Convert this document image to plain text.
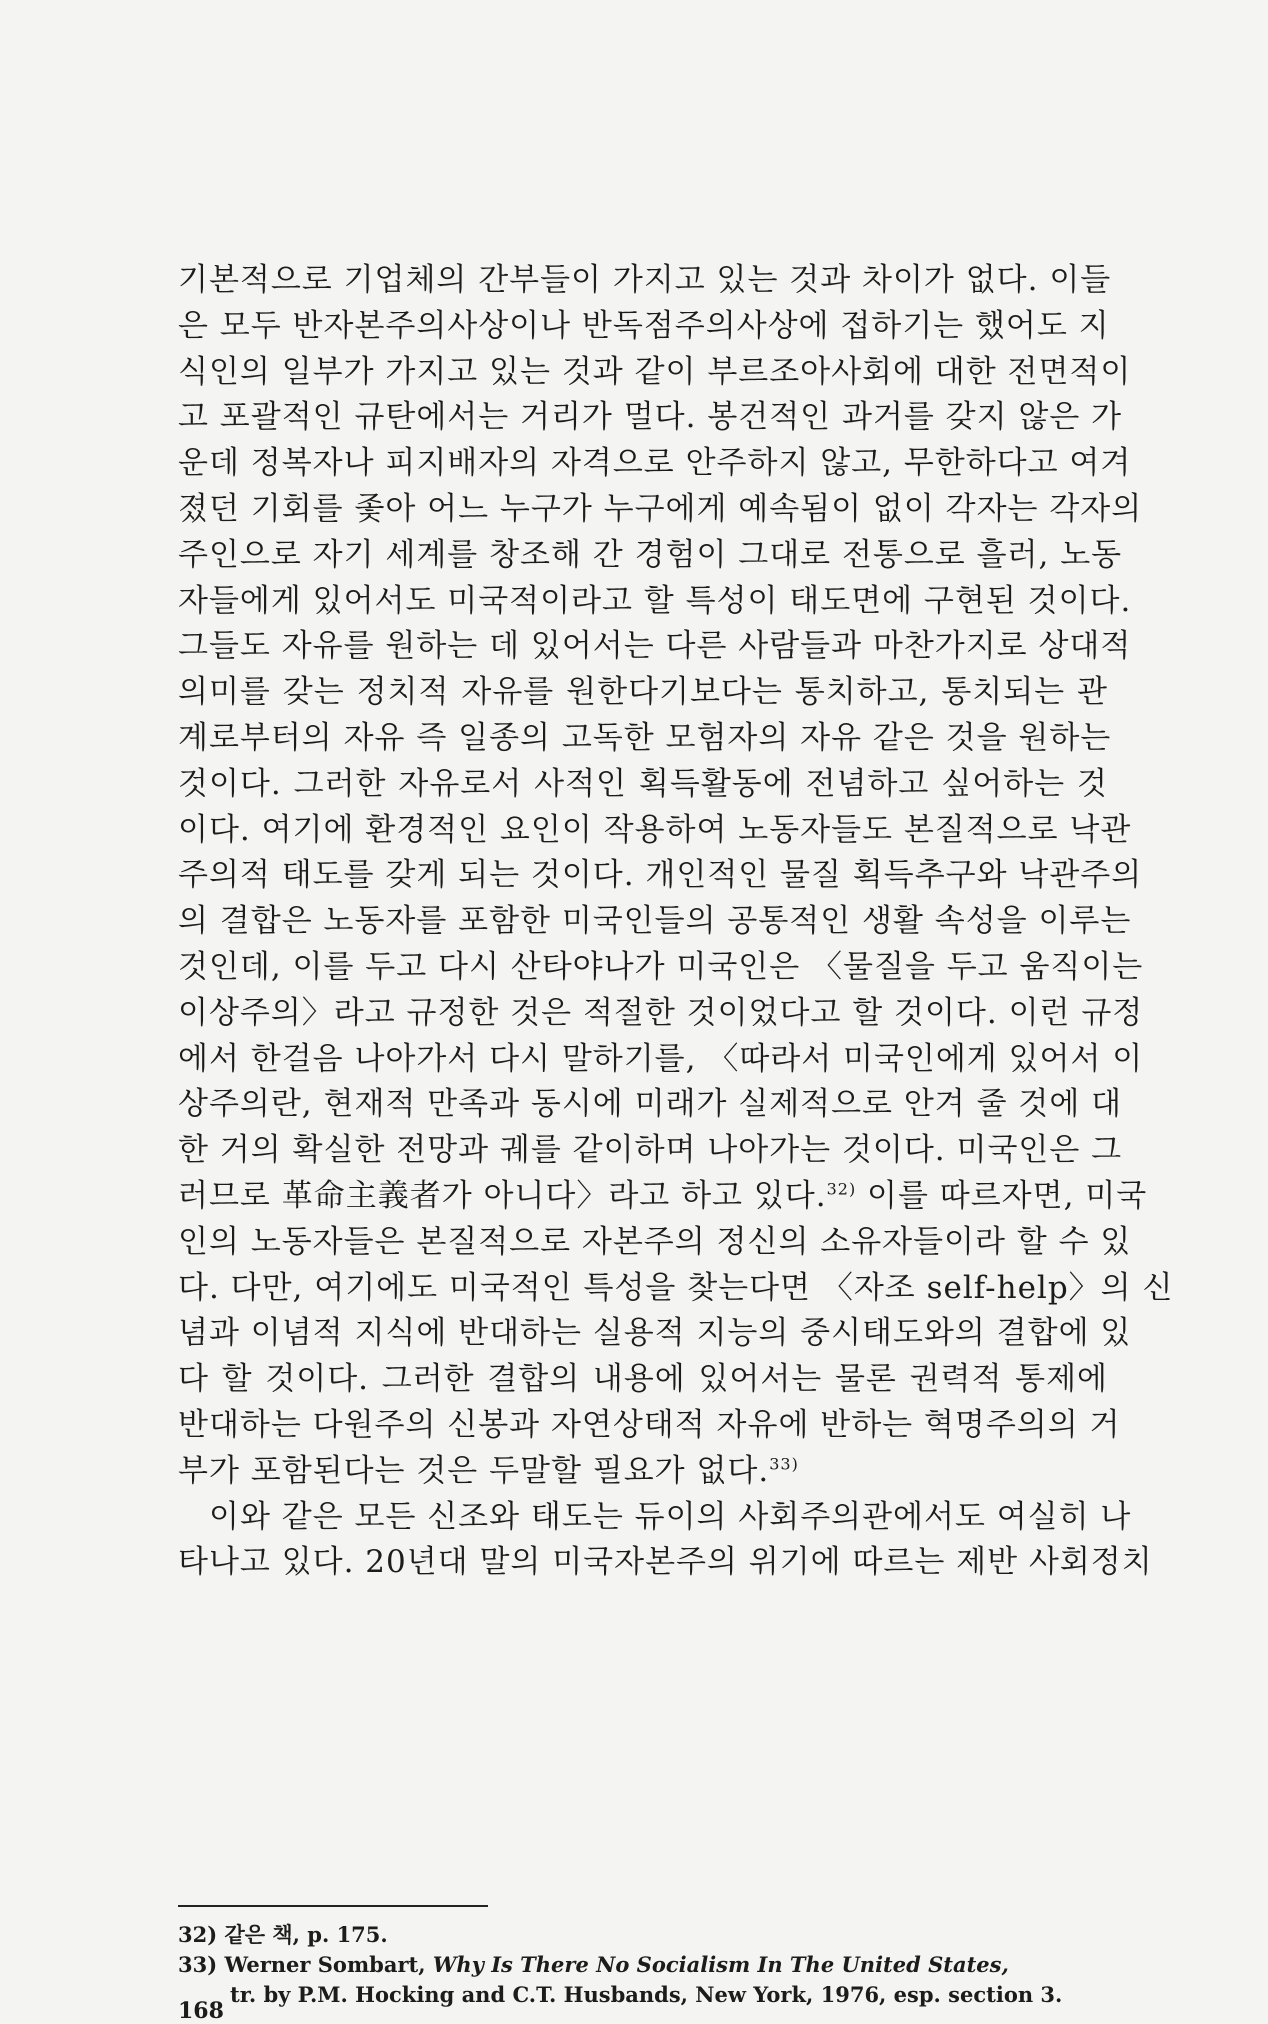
기본적으로 기업체의 간부들이 가지고 있는 것과 차이가 없다. 이들
은 모두 반자본주의사상이나 반독점주의사상에 접하기는 했어도 지
식인의 일부가 가지고 있는 것과 같이 부르조아사회에 대한 전면적이
고 포괄적인 규탄에서는 거리가 멀다. 봉건적인 과거를 갖지 않은 가
운데 정복자나 피지배자의 자격으로 안주하지 않고, 무한하다고 여겨
졌던 기회를 좇아 어느 누구가 누구에게 예속됨이 없이 각자는 각자의
주인으로 자기 세계를 창조해 간 경험이 그대로 전통으로 흘러, 노동
자들에게 있어서도 미국적이라고 할 특성이 태도면에 구현된 것이다.
그들도 자유를 원하는 데 있어서는 다른 사람들과 마찬가지로 상대적
의미를 갖는 정치적 자유를 원한다기보다는 통치하고, 통치되는 관
계로부터의 자유 즉 일종의 고독한 모험자의 자유 같은 것을 원하는
것이다. 그러한 자유로서 사적인 획득활동에 전념하고 싶어하는 것
이다. 여기에 환경적인 요인이 작용하여 노동자들도 본질적으로 낙관
주의적 태도를 갖게 되는 것이다. 개인적인 물질 획득추구와 낙관주의
의 결합은 노동자를 포함한 미국인들의 공통적인 생활 속성을 이루는
것인데, 이를 두고 다시 산타야나가 미국인은 〈물질을 두고 움직이는
이상주의〉라고 규정한 것은 적절한 것이었다고 할 것이다. 이런 규정
에서 한걸음 나아가서 다시 말하기를, 〈따라서 미국인에게 있어서 이
상주의란, 현재적 만족과 동시에 미래가 실제적으로 안겨 줄 것에 대
한 거의 확실한 전망과 궤를 같이하며 나아가는 것이다. 미국인은 그
러므로 革命主義者가 아니다〉라고 하고 있다.$^{32)}$ 이를 따르자면, 미국
인의 노동자들은 본질적으로 자본주의 정신의 소유자들이라 할 수 있
다. 다만, 여기에도 미국적인 특성을 찾는다면 〈자조 self-help〉의 신
념과 이념적 지식에 반대하는 실용적 지능의 중시태도와의 결합에 있
다 할 것이다. 그러한 결합의 내용에 있어서는 물론 권력적 통제에
반대하는 다원주의 신봉과 자연상태적 자유에 반하는 혁명주의의 거
부가 포함된다는 것은 두말할 필요가 없다.$^{33)}$
이와 같은 모든 신조와 태도는 듀이의 사회주의관에서도 여실히 나
타나고 있다. 20년대 말의 미국자본주의 위기에 따르는 제반 사회정치
32) 같은 책, p. 175.
33) Werner Sombart, Why Is There No Socialism In The United States,
tr. by P.M. Hocking and C.T. Husbands, New York, 1976, esp. section 3.
168
